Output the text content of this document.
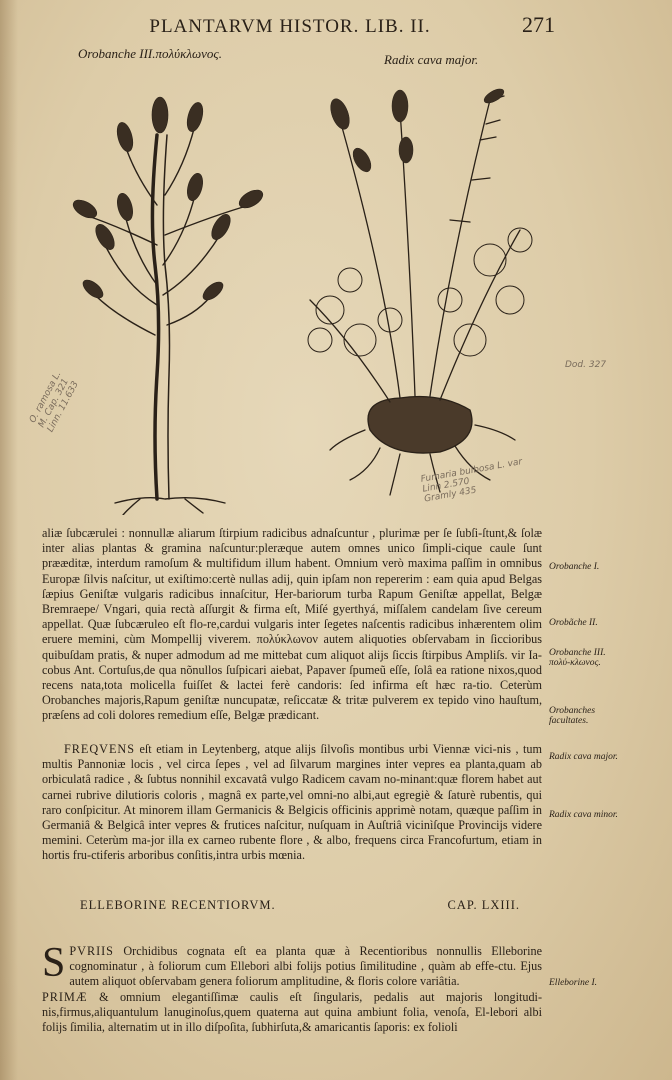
PLANTARVM HISTOR. LIB. II.	271
Orobanche III.πολύκλωνος.	Radix cava major.
O. ramosa L.
M. Cap. 321
Linn. 11.633
Dod. 327
Fumaria bulbosa L. var
Linn 2.570
Gramly 435
aliæ ſubcærulei : nonnullæ aliarum ſtirpium radicibus adnaſcuntur , plurimæ per ſe ſubſi-ſtunt,& ſolæ inter alias plantas & gramina naſcuntur:pleræque autem omnes unico ſimpli-cique caule ſunt prææditæ, interdum ramoſum & multifidum illum habent. Omnium verò maxima paſſim in omnibus Europæ ſilvis naſcitur, ut exiſtimo:certè nullas adij, quin ipſam non repererim : eam quia apud Belgas ſæpius Geniſtæ vulgaris radicibus innaſcitur, Her-bariorum turba Rapum Geniſtæ appellat, Belgæ Bremraepe/ Vngari, quia rectà aſſurgit & firma eſt, Miſé gyerthyá, miſſalem candelam ſive cereum appellat. Quæ ſubcæruleo eſt flo-re,cardui vulgaris inter ſegetes naſcentis radicibus inhærentem olim eruere memini, cùm Mompellij viverem. πολύκλωνον autem aliquoties obſervabam in ſiccioribus quibuſdam pratis, & nuper admodum ad me mittebat cum aliquot alijs ſiccis ſtirpibus Ampliſs. vir Ia-cobus Ant. Cortuſus,de qua nõnullos ſuſpicari aiebat, Papaver ſpumeũ eſſe, ſolâ ea ratione nixos,quod recens nata,tota molicella fuiſſet & lactei ferè candoris: ſed infirma eſt hæc ra-tio. Ceterùm Orobanches majoris,Rapum geniſtæ nuncupatæ, reſiccatæ & tritæ pulverem ex tepido vino hauſtum, præſens ad coli dolores remedium eſſe, Belgæ prædicant.
FREQVENS eſt etiam in Leytenberg, atque alijs ſilvoſis montibus urbi Viennæ vici-nis , tum multis Pannoniæ locis , vel circa ſepes , vel ad ſilvarum margines inter vepres ea planta,quam ab orbiculatâ radice , & ſubtus nonnihil excavatâ vulgo Radicem cavam no-minant:quæ florem habet aut carnei rubrive dilutioris coloris , magnâ ex parte,vel omni-no albi,aut egregiè & ſaturè rubentis, qui raro conſpicitur. At minorem illam Germanicis & Belgicis officinis apprimè notam, quæque paſſim in Germaniâ & Belgicâ inter vepres & frutices naſcitur, nuſquam in Auſtriâ vicinìſque Provincijs videre memini. Ceterùm ma-jor illa ex carneo rubente flore , & albo, frequens circa Francofurtum, etiam in hortis fru-ctiferis arboribus conſitis,intra urbis mœnia.
ELLEBORINE RECENTIORVM.	CAP. LXIII.
SPVRIIS Orchidibus cognata eſt ea planta quæ à Recentioribus nonnullis Elleborine cognominatur , à foliorum cum Ellebori albi folijs potius ſimilitudine , quàm ab effe-ctu. Ejus autem aliquot obſervabam genera foliorum amplitudine, & floris colore variâtia.
PRIMÆ & omnium elegantiſſimæ caulis eſt ſingularis, pedalis aut majoris longitudi-nis,firmus,aliquantulum lanuginoſus,quem quaterna aut quina ambiunt folia, venoſa, El-lebori albi folijs ſimilia, alternatim ut in illo diſpoſita, ſubhirſuta,& amaricantis ſaporis: ex folioli
Orobanche I.
Orobãche II.
Orobanche III. πολύ-κλωνος.
Orobanches facultates.
Radix cava major.
Radix cava minor.
Elleborine I.
